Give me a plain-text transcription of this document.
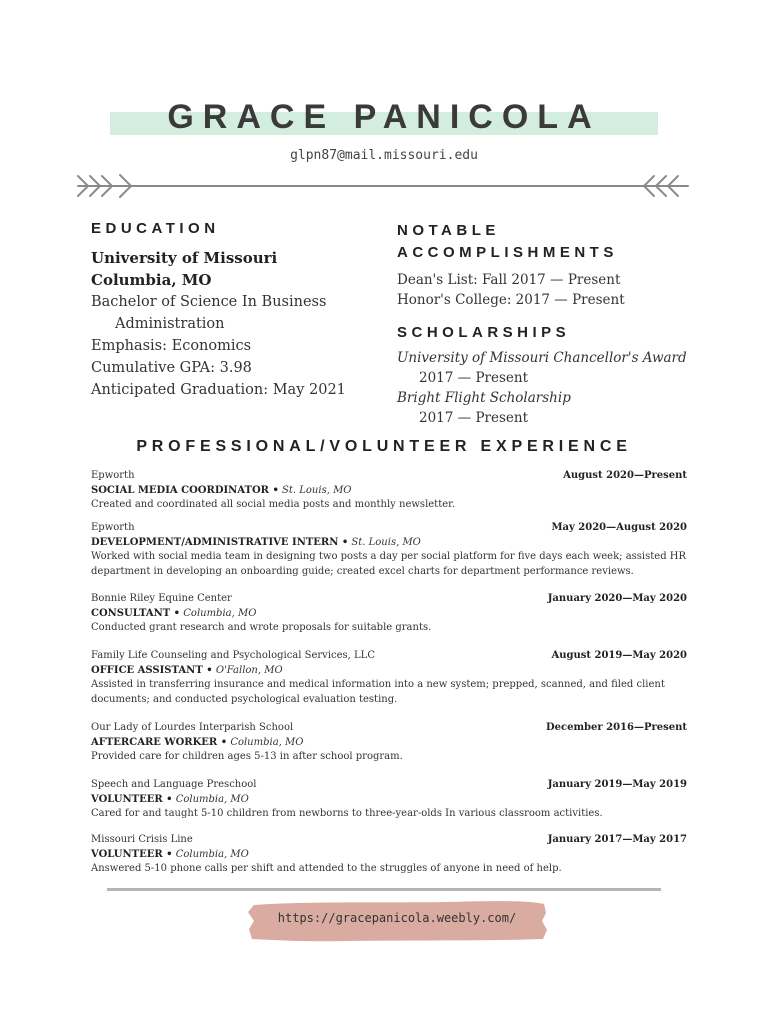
GRACE PANICOLA
glpn87@mail.missouri.edu
EDUCATION
University of Missouri
Columbia, MO
Bachelor of Science In Business
Administration
Emphasis: Economics
Cumulative GPA: 3.98
Anticipated Graduation: May 2021
NOTABLE
ACCOMPLISHMENTS
Dean's List: Fall 2017 — Present
Honor's College: 2017 — Present
SCHOLARSHIPS
University of Missouri Chancellor's Award
2017 — Present
Bright Flight Scholarship
2017 — Present
PROFESSIONAL/VOLUNTEER EXPERIENCE
Epworth	August 2020—Present
SOCIAL MEDIA COORDINATOR • St. Louis, MO
Created and coordinated all social media posts and monthly newsletter.
Epworth	May 2020—August 2020
DEVELOPMENT/ADMINISTRATIVE INTERN • St. Louis, MO
Worked with social media team in designing two posts a day per social platform for five days each week; assisted HR department in developing an onboarding guide; created excel charts for department performance reviews.
Bonnie Riley Equine Center	January 2020—May 2020
CONSULTANT • Columbia, MO
Conducted grant research and wrote proposals for suitable grants.
Family Life Counseling and Psychological Services, LLC	August 2019—May 2020
OFFICE ASSISTANT • O'Fallon, MO
Assisted in transferring insurance and medical information into a new system; prepped, scanned, and filed client documents; and conducted psychological evaluation testing.
Our Lady of Lourdes Interparish School	December 2016—Present
AFTERCARE WORKER • Columbia, MO
Provided care for children ages 5-13 in after school program.
Speech and Language Preschool	January 2019—May 2019
VOLUNTEER • Columbia, MO
Cared for and taught 5-10 children from newborns to three-year-olds In various classroom activities.
Missouri Crisis Line	January 2017—May 2017
VOLUNTEER • Columbia, MO
Answered 5-10 phone calls per shift and attended to the struggles of anyone in need of help.
https://gracepanicola.weebly.com/
